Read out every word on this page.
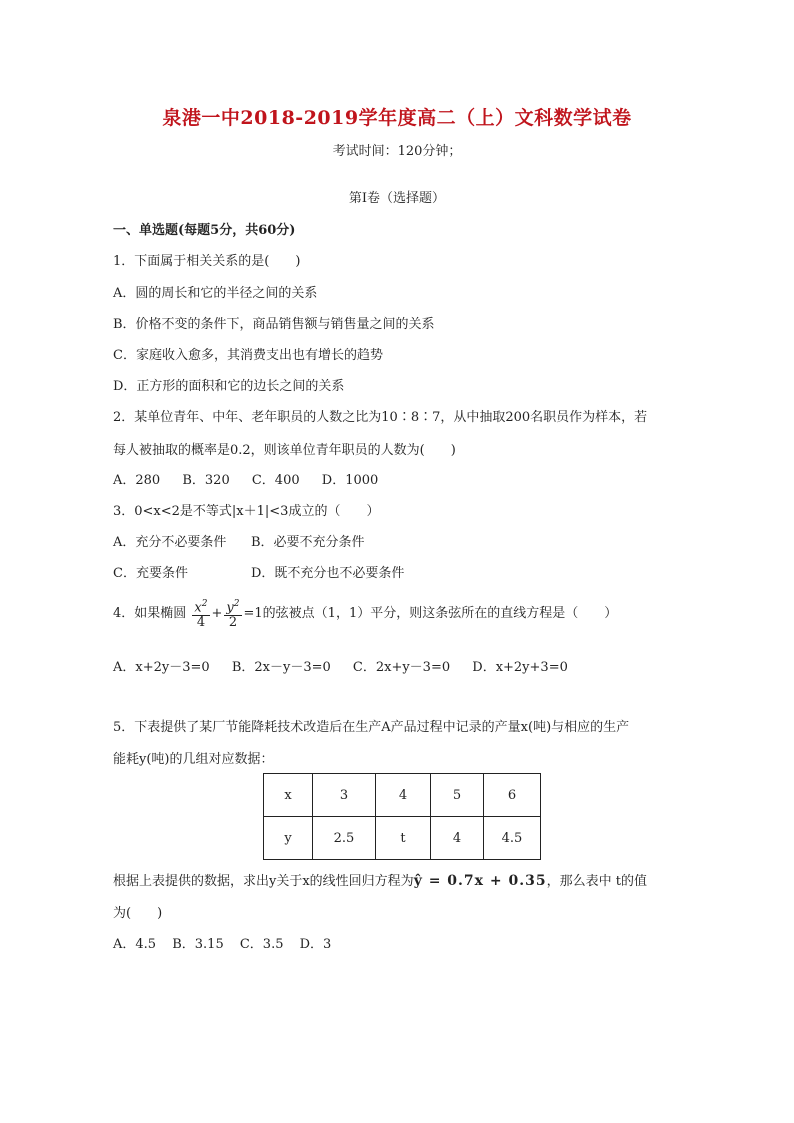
泉港一中2018-2019学年度高二（上）文科数学试卷
考试时间：120分钟；
第I卷（选择题）
一、单选题(每题5分，共60分)
1．下面属于相关关系的是(　　)
A．圆的周长和它的半径之间的关系
B．价格不变的条件下，商品销售额与销售量之间的关系
C．家庭收入愈多，其消费支出也有增长的趋势
D．正方形的面积和它的边长之间的关系
2．某单位青年、中年、老年职员的人数之比为10∶8∶7，从中抽取200名职员作为样本，若
每人被抽取的概率是0.2，则该单位青年职员的人数为(　　)
A．280 B．320 C．400 D．1000
3．0<x<2是不等式|x＋1|<3成立的（　　）
A．充分不必要条件 B．必要不充分条件
C．充要条件	D．既不充分也不必要条件
4．如果椭圆 $\frac{x^2}{4} + \frac{y^2}{2} =1$的弦被点（1，1）平分，则这条弦所在的直线方程是（　　）
A．x+2y－3=0 B．2x－y－3=0 C．2x+y－3=0 D．x+2y+3=0
5．下表提供了某厂节能降耗技术改造后在生产A产品过程中记录的产量x(吨)与相应的生产
能耗y(吨)的几组对应数据：
x	3	4	5	6
y	2.5	t	4	4.5
根据上表提供的数据，求出y关于x的线性回归方程为ŷ = 0.7x + 0.35，那么表中 t的值
为(　　)
A．4.5 B．3.15 C．3.5 D．3
